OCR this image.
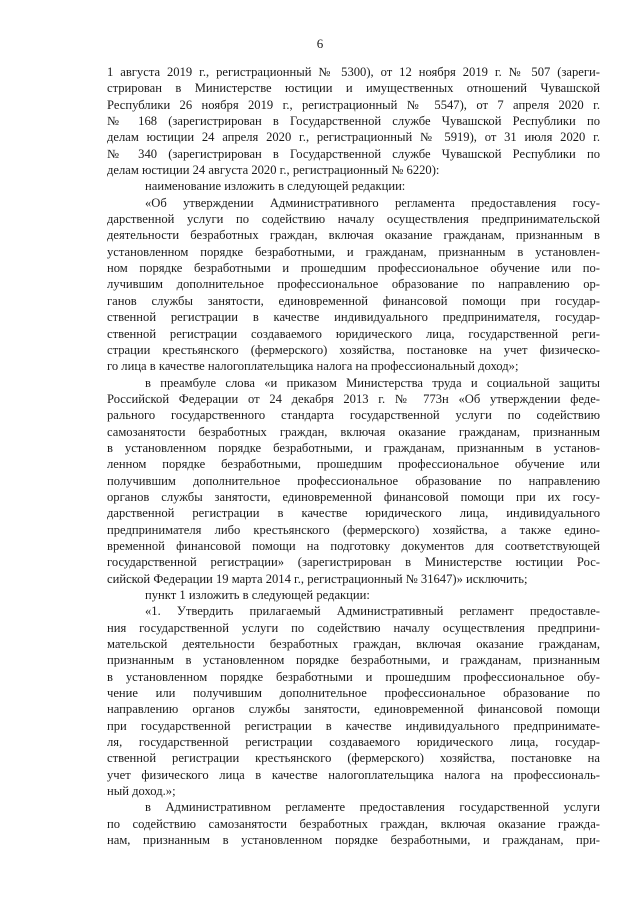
6
1 августа 2019 г., регистрационный № 5300), от 12 ноября 2019 г. № 507 (зареги-
стрирован в Министерстве юстиции и имущественных отношений Чувашской
Республики 26 ноября 2019 г., регистрационный № 5547), от 7 апреля 2020 г.
№ 168 (зарегистрирован в Государственной службе Чувашской Республики по
делам юстиции 24 апреля 2020 г., регистрационный № 5919), от 31 июля 2020 г.
№ 340 (зарегистрирован в Государственной службе Чувашской Республики по
делам юстиции 24 августа 2020 г., регистрационный № 6220):
наименование изложить в следующей редакции:
«Об утверждении Административного регламента предоставления госу-
дарственной услуги по содействию началу осуществления предпринимательской
деятельности безработных граждан, включая оказание гражданам, признанным в
установленном порядке безработными, и гражданам, признанным в установлен-
ном порядке безработными и прошедшим профессиональное обучение или по-
лучившим дополнительное профессиональное образование по направлению ор-
ганов службы занятости, единовременной финансовой помощи при государ-
ственной регистрации в качестве индивидуального предпринимателя, государ-
ственной регистрации создаваемого юридического лица, государственной реги-
страции крестьянского (фермерского) хозяйства, постановке на учет физическо-
го лица в качестве налогоплательщика налога на профессиональный доход»;
в преамбуле слова «и приказом Министерства труда и социальной защиты
Российской Федерации от 24 декабря 2013 г. № 773н «Об утверждении феде-
рального государственного стандарта государственной услуги по содействию
самозанятости безработных граждан, включая оказание гражданам, признанным
в установленном порядке безработными, и гражданам, признанным в установ-
ленном порядке безработными, прошедшим профессиональное обучение или
получившим дополнительное профессиональное образование по направлению
органов службы занятости, единовременной финансовой помощи при их госу-
дарственной регистрации в качестве юридического лица, индивидуального
предпринимателя либо крестьянского (фермерского) хозяйства, а также едино-
временной финансовой помощи на подготовку документов для соответствующей
государственной регистрации» (зарегистрирован в Министерстве юстиции Рос-
сийской Федерации 19 марта 2014 г., регистрационный № 31647)» исключить;
пункт 1 изложить в следующей редакции:
«1. Утвердить прилагаемый Административный регламент предоставле-
ния государственной услуги по содействию началу осуществления предприни-
мательской деятельности безработных граждан, включая оказание гражданам,
признанным в установленном порядке безработными, и гражданам, признанным
в установленном порядке безработными и прошедшим профессиональное обу-
чение или получившим дополнительное профессиональное образование по
направлению органов службы занятости, единовременной финансовой помощи
при государственной регистрации в качестве индивидуального предпринимате-
ля, государственной регистрации создаваемого юридического лица, государ-
ственной регистрации крестьянского (фермерского) хозяйства, постановке на
учет физического лица в качестве налогоплательщика налога на профессиональ-
ный доход.»;
в Административном регламенте предоставления государственной услуги
по содействию самозанятости безработных граждан, включая оказание гражда-
нам, признанным в установленном порядке безработными, и гражданам, при-
